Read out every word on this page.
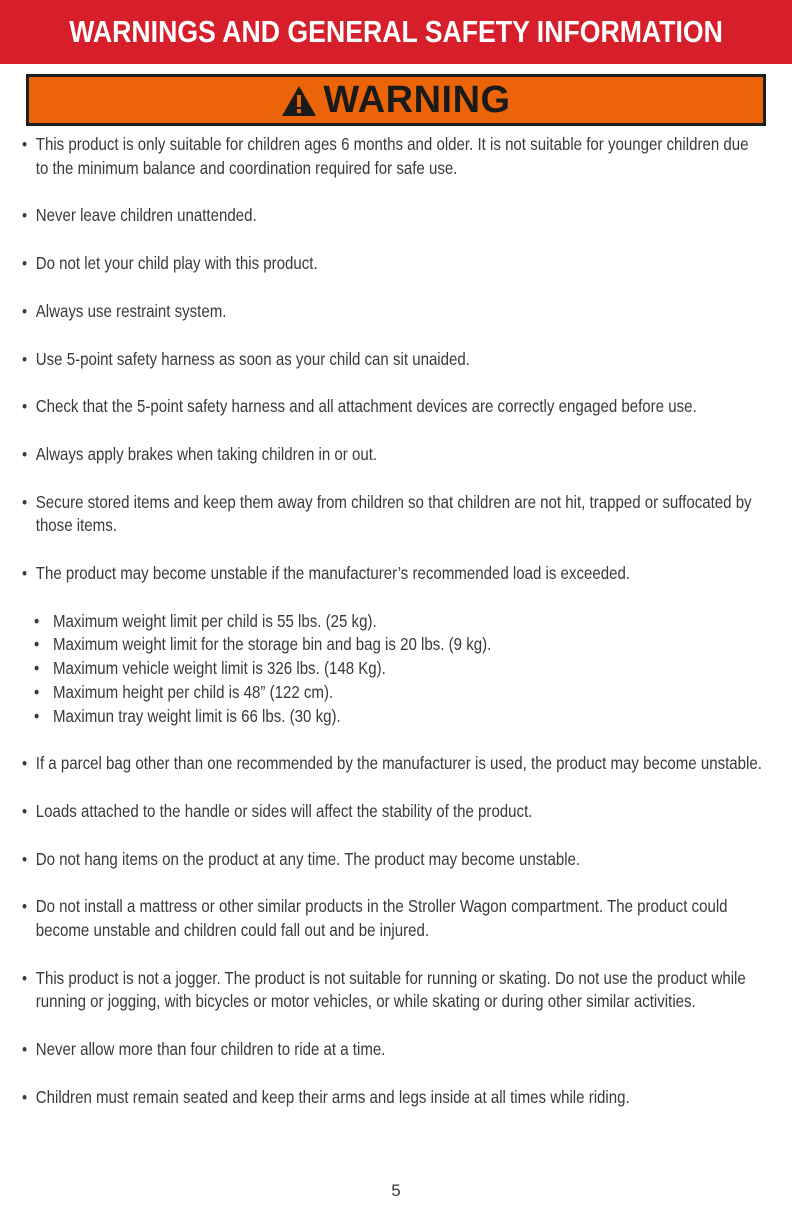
WARNINGS AND GENERAL SAFETY INFORMATION
WARNING
• This product is only suitable for children ages 6 months and older. It is not suitable for younger children due to the minimum balance and coordination required for safe use.
• Never leave children unattended.
• Do not let your child play with this product.
• Always use restraint system.
• Use 5-point safety harness as soon as your child can sit unaided.
• Check that the 5-point safety harness and all attachment devices are correctly engaged before use.
• Always apply brakes when taking children in or out.
• Secure stored items and keep them away from children so that children are not hit, trapped or suffocated by those items.
• The product may become unstable if the manufacturer’s recommended load is exceeded.
• Maximum weight limit per child is 55 lbs. (25 kg).
• Maximum weight limit for the storage bin and bag is 20 lbs. (9 kg).
• Maximum vehicle weight limit is 326 lbs. (148 Kg).
• Maximum height per child is 48” (122 cm).
• Maximun tray weight limit is 66 lbs. (30 kg).
• If a parcel bag other than one recommended by the manufacturer is used, the product may become unstable.
• Loads attached to the handle or sides will affect the stability of the product.
• Do not hang items on the product at any time. The product may become unstable.
• Do not install a mattress or other similar products in the Stroller Wagon compartment. The product could become unstable and children could fall out and be injured.
• This product is not a jogger. The product is not suitable for running or skating. Do not use the product while running or jogging, with bicycles or motor vehicles, or while skating or during other similar activities.
• Never allow more than four children to ride at a time.
• Children must remain seated and keep their arms and legs inside at all times while riding.
5
